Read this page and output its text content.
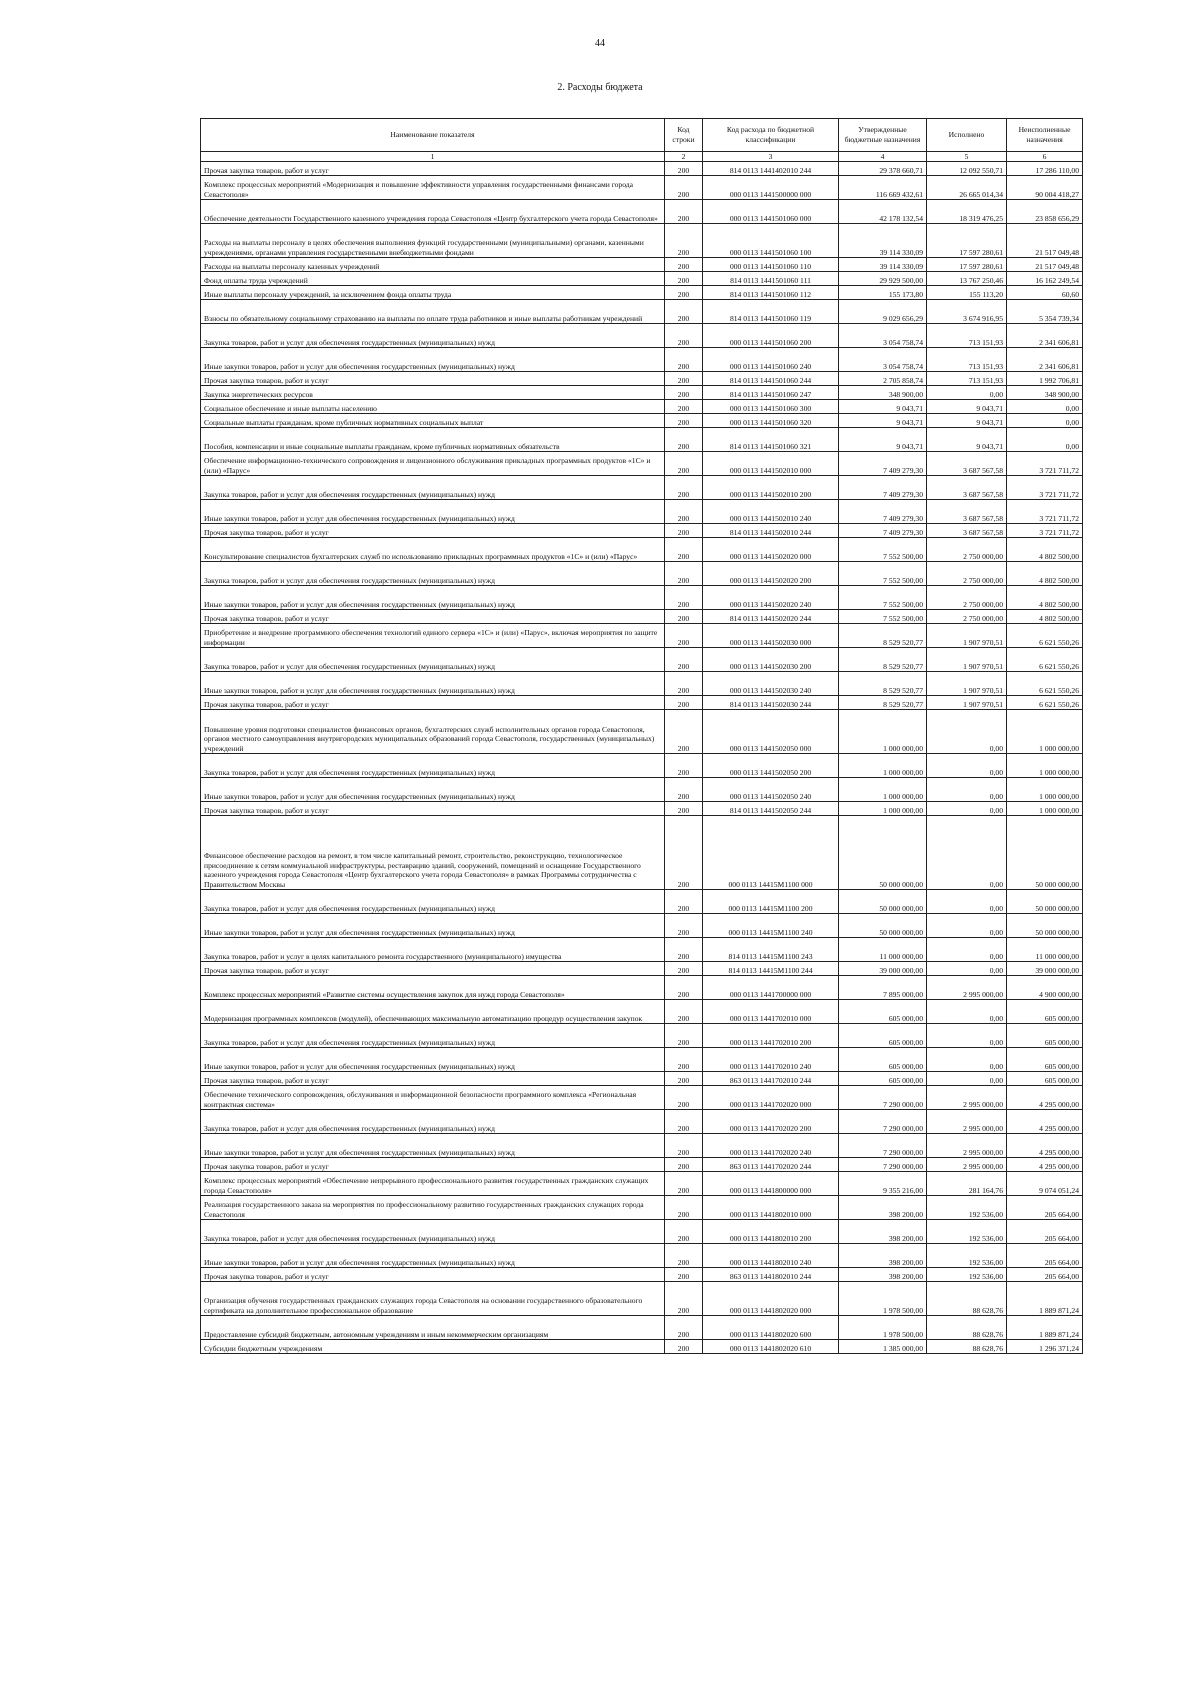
44
2. Расходы бюджета
Наименование показателя	Код строки	Код расхода по бюджетной классификации	Утвержденные бюджетные назначения	Исполнено	Неисполненные назначения
1	2	3	4	5	6
Прочая закупка товаров, работ и услуг	200	814 0113 1441402010 244	29 378 660,71	12 092 550,71	17 286 110,00
Комплекс процессных мероприятий «Модернизация и повышение эффективности управления государственными финансами города Севастополя»	200	000 0113 1441500000 000	116 669 432,61	26 665 014,34	90 004 418,27
Обеспечение деятельности Государственного казенного учреждения города Севастополя «Центр бухгалтерского учета города Севастополя»	200	000 0113 1441501060 000	42 178 132,54	18 319 476,25	23 858 656,29
Расходы на выплаты персоналу в целях обеспечения выполнения функций государственными (муниципальными) органами, казенными учреждениями, органами управления государственными внебюджетными фондами	200	000 0113 1441501060 100	39 114 330,09	17 597 280,61	21 517 049,48
Расходы на выплаты персоналу казенных учреждений	200	000 0113 1441501060 110	39 114 330,09	17 597 280,61	21 517 049,48
Фонд оплаты труда учреждений	200	814 0113 1441501060 111	29 929 500,00	13 767 250,46	16 162 249,54
Иные выплаты персоналу учреждений, за исключением фонда оплаты труда	200	814 0113 1441501060 112	155 173,80	155 113,20	60,60
Взносы по обязательному социальному страхованию на выплаты по оплате труда работников и иные выплаты работникам учреждений	200	814 0113 1441501060 119	9 029 656,29	3 674 916,95	5 354 739,34
Закупка товаров, работ и услуг для обеспечения государственных (муниципальных) нужд	200	000 0113 1441501060 200	3 054 758,74	713 151,93	2 341 606,81
Иные закупки товаров, работ и услуг для обеспечения государственных (муниципальных) нужд	200	000 0113 1441501060 240	3 054 758,74	713 151,93	2 341 606,81
Прочая закупка товаров, работ и услуг	200	814 0113 1441501060 244	2 705 858,74	713 151,93	1 992 706,81
Закупка энергетических ресурсов	200	814 0113 1441501060 247	348 900,00	0,00	348 900,00
Социальное обеспечение и иные выплаты населению	200	000 0113 1441501060 300	9 043,71	9 043,71	0,00
Социальные выплаты гражданам, кроме публичных нормативных социальных выплат	200	000 0113 1441501060 320	9 043,71	9 043,71	0,00
Пособия, компенсации и иные социальные выплаты гражданам, кроме публичных нормативных обязательств	200	814 0113 1441501060 321	9 043,71	9 043,71	0,00
Обеспечение информационно-технического сопровождения и лицензионного обслуживания прикладных программных продуктов «1С» и (или) «Парус»	200	000 0113 1441502010 000	7 409 279,30	3 687 567,58	3 721 711,72
Закупка товаров, работ и услуг для обеспечения государственных (муниципальных) нужд	200	000 0113 1441502010 200	7 409 279,30	3 687 567,58	3 721 711,72
Иные закупки товаров, работ и услуг для обеспечения государственных (муниципальных) нужд	200	000 0113 1441502010 240	7 409 279,30	3 687 567,58	3 721 711,72
Прочая закупка товаров, работ и услуг	200	814 0113 1441502010 244	7 409 279,30	3 687 567,58	3 721 711,72
Консультирование специалистов бухгалтерских служб по использованию прикладных программных продуктов «1С» и (или) «Парус»	200	000 0113 1441502020 000	7 552 500,00	2 750 000,00	4 802 500,00
Закупка товаров, работ и услуг для обеспечения государственных (муниципальных) нужд	200	000 0113 1441502020 200	7 552 500,00	2 750 000,00	4 802 500,00
Иные закупки товаров, работ и услуг для обеспечения государственных (муниципальных) нужд	200	000 0113 1441502020 240	7 552 500,00	2 750 000,00	4 802 500,00
Прочая закупка товаров, работ и услуг	200	814 0113 1441502020 244	7 552 500,00	2 750 000,00	4 802 500,00
Приобретение и внедрение программного обеспечения технологий единого сервера «1С» и (или) «Парус», включая мероприятия по защите информации	200	000 0113 1441502030 000	8 529 520,77	1 907 970,51	6 621 550,26
Закупка товаров, работ и услуг для обеспечения государственных (муниципальных) нужд	200	000 0113 1441502030 200	8 529 520,77	1 907 970,51	6 621 550,26
Иные закупки товаров, работ и услуг для обеспечения государственных (муниципальных) нужд	200	000 0113 1441502030 240	8 529 520,77	1 907 970,51	6 621 550,26
Прочая закупка товаров, работ и услуг	200	814 0113 1441502030 244	8 529 520,77	1 907 970,51	6 621 550,26
Повышение уровня подготовки специалистов финансовых органов, бухгалтерских служб исполнительных органов города Севастополя, органов местного самоуправления внутригородских муниципальных образований города Севастополя, государственных (муниципальных) учреждений	200	000 0113 1441502050 000	1 000 000,00	0,00	1 000 000,00
Закупка товаров, работ и услуг для обеспечения государственных (муниципальных) нужд	200	000 0113 1441502050 200	1 000 000,00	0,00	1 000 000,00
Иные закупки товаров, работ и услуг для обеспечения государственных (муниципальных) нужд	200	000 0113 1441502050 240	1 000 000,00	0,00	1 000 000,00
Прочая закупка товаров, работ и услуг	200	814 0113 1441502050 244	1 000 000,00	0,00	1 000 000,00
Финансовое обеспечение расходов на ремонт, в том числе капитальный ремонт, строительство, реконструкцию, технологическое присоединение к сетям коммунальной инфраструктуры, реставрацию зданий, сооружений, помещений и оснащение Государственного казенного учреждения города Севастополя «Центр бухгалтерского учета города Севастополя» в рамках Программы сотрудничества с Правительством Москвы	200	000 0113 14415М1100 000	50 000 000,00	0,00	50 000 000,00
Закупка товаров, работ и услуг для обеспечения государственных (муниципальных) нужд	200	000 0113 14415М1100 200	50 000 000,00	0,00	50 000 000,00
Иные закупки товаров, работ и услуг для обеспечения государственных (муниципальных) нужд	200	000 0113 14415М1100 240	50 000 000,00	0,00	50 000 000,00
Закупка товаров, работ и услуг в целях капитального ремонта государственного (муниципального) имущества	200	814 0113 14415М1100 243	11 000 000,00	0,00	11 000 000,00
Прочая закупка товаров, работ и услуг	200	814 0113 14415М1100 244	39 000 000,00	0,00	39 000 000,00
Комплекс процессных мероприятий «Развитие системы осуществления закупок для нужд города Севастополя»	200	000 0113 1441700000 000	7 895 000,00	2 995 000,00	4 900 000,00
Модернизация программных комплексов (модулей), обеспечивающих максимальную автоматизацию процедур осуществления закупок	200	000 0113 1441702010 000	605 000,00	0,00	605 000,00
Закупка товаров, работ и услуг для обеспечения государственных (муниципальных) нужд	200	000 0113 1441702010 200	605 000,00	0,00	605 000,00
Иные закупки товаров, работ и услуг для обеспечения государственных (муниципальных) нужд	200	000 0113 1441702010 240	605 000,00	0,00	605 000,00
Прочая закупка товаров, работ и услуг	200	863 0113 1441702010 244	605 000,00	0,00	605 000,00
Обеспечение технического сопровождения, обслуживания и информационной безопасности программного комплекса «Региональная контрактная система»	200	000 0113 1441702020 000	7 290 000,00	2 995 000,00	4 295 000,00
Закупка товаров, работ и услуг для обеспечения государственных (муниципальных) нужд	200	000 0113 1441702020 200	7 290 000,00	2 995 000,00	4 295 000,00
Иные закупки товаров, работ и услуг для обеспечения государственных (муниципальных) нужд	200	000 0113 1441702020 240	7 290 000,00	2 995 000,00	4 295 000,00
Прочая закупка товаров, работ и услуг	200	863 0113 1441702020 244	7 290 000,00	2 995 000,00	4 295 000,00
Комплекс процессных мероприятий «Обеспечение непрерывного профессионального развития государственных гражданских служащих города Севастополя»	200	000 0113 1441800000 000	9 355 216,00	281 164,76	9 074 051,24
Реализация государственного заказа на мероприятия по профессиональному развитию государственных гражданских служащих города Севастополя	200	000 0113 1441802010 000	398 200,00	192 536,00	205 664,00
Закупка товаров, работ и услуг для обеспечения государственных (муниципальных) нужд	200	000 0113 1441802010 200	398 200,00	192 536,00	205 664,00
Иные закупки товаров, работ и услуг для обеспечения государственных (муниципальных) нужд	200	000 0113 1441802010 240	398 200,00	192 536,00	205 664,00
Прочая закупка товаров, работ и услуг	200	863 0113 1441802010 244	398 200,00	192 536,00	205 664,00
Организация обучения государственных гражданских служащих города Севастополя на основании государственного образовательного сертификата на дополнительное профессиональное образование	200	000 0113 1441802020 000	1 978 500,00	88 628,76	1 889 871,24
Предоставление субсидий бюджетным, автономным учреждениям и иным некоммерческим организациям	200	000 0113 1441802020 600	1 978 500,00	88 628,76	1 889 871,24
Субсидии бюджетным учреждениям	200	000 0113 1441802020 610	1 385 000,00	88 628,76	1 296 371,24
